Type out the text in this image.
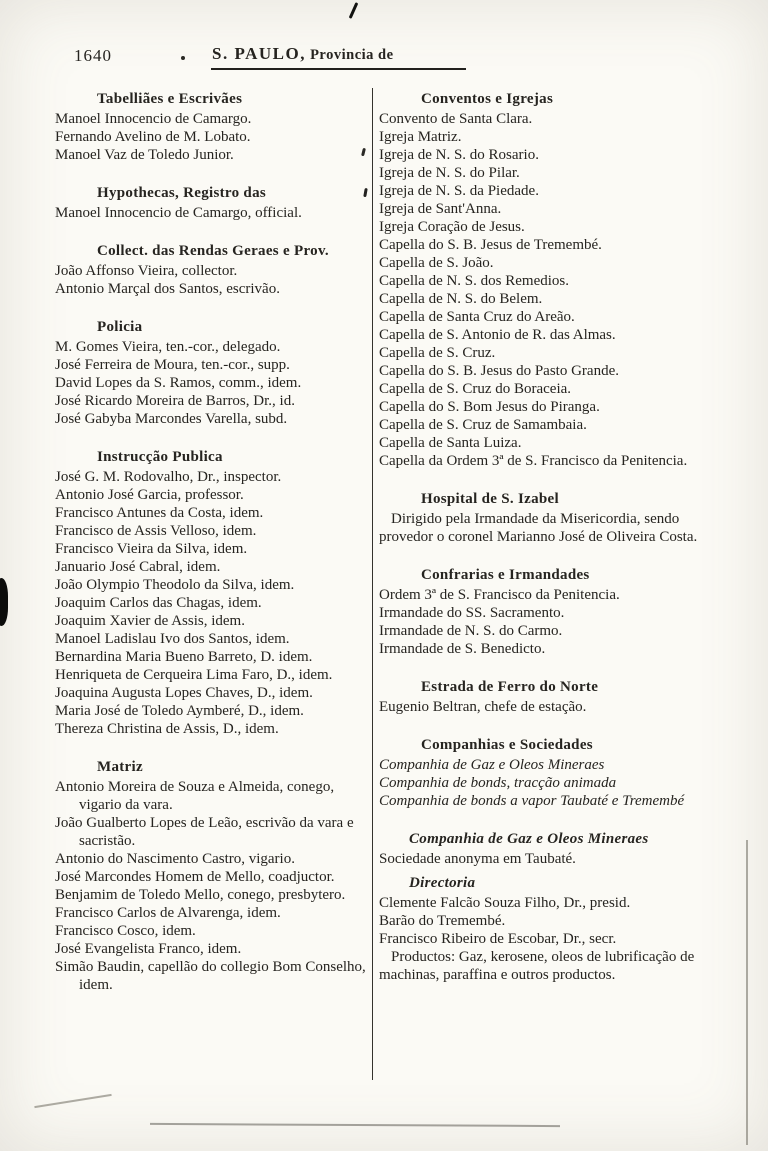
1640	S. PAULO, Provincia de
Tabelliães e Escrivães
Manoel Innocencio de Camargo.
Fernando Avelino de M. Lobato.
Manoel Vaz de Toledo Junior.
Hypothecas, Registro das
Manoel Innocencio de Camargo, official.
Collect. das Rendas Geraes e Prov.
João Affonso Vieira, collector.
Antonio Marçal dos Santos, escrivão.
Policia
M. Gomes Vieira, ten.-cor., delegado.
José Ferreira de Moura, ten.-cor., supp.
David Lopes da S. Ramos, comm., idem.
José Ricardo Moreira de Barros, Dr., id.
José Gabyba Marcondes Varella, subd.
Instrucção Publica
José G. M. Rodovalho, Dr., inspector.
Antonio José Garcia, professor.
Francisco Antunes da Costa, idem.
Francisco de Assis Velloso, idem.
Francisco Vieira da Silva, idem.
Januario José Cabral, idem.
João Olympio Theodolo da Silva, idem.
Joaquim Carlos das Chagas, idem.
Joaquim Xavier de Assis, idem.
Manoel Ladislau Ivo dos Santos, idem.
Bernardina Maria Bueno Barreto, D. idem.
Henriqueta de Cerqueira Lima Faro, D., idem.
Joaquina Augusta Lopes Chaves, D., idem.
Maria José de Toledo Aymberé, D., idem.
Thereza Christina de Assis, D., idem.
Matriz
Antonio Moreira de Souza e Almeida, conego, vigario da vara.
João Gualberto Lopes de Leão, escrivão da vara e sacristão.
Antonio do Nascimento Castro, vigario.
José Marcondes Homem de Mello, coadjuctor.
Benjamim de Toledo Mello, conego, presbytero.
Francisco Carlos de Alvarenga, idem.
Francisco Cosco, idem.
José Evangelista Franco, idem.
Simão Baudin, capellão do collegio Bom Conselho, idem.
Conventos e Igrejas
Convento de Santa Clara.
Igreja Matriz.
Igreja de N. S. do Rosario.
Igreja de N. S. do Pilar.
Igreja de N. S. da Piedade.
Igreja de Sant'Anna.
Igreja Coração de Jesus.
Capella do S. B. Jesus de Tremembé.
Capella de S. João.
Capella de N. S. dos Remedios.
Capella de N. S. do Belem.
Capella de Santa Cruz do Areão.
Capella de S. Antonio de R. das Almas.
Capella de S. Cruz.
Capella do S. B. Jesus do Pasto Grande.
Capella de S. Cruz do Boraceia.
Capella do S. Bom Jesus do Piranga.
Capella de S. Cruz de Samambaia.
Capella de Santa Luiza.
Capella da Ordem 3ª de S. Francisco da Penitencia.
Hospital de S. Izabel
Dirigido pela Irmandade da Misericordia, sendo provedor o coronel Marianno José de Oliveira Costa.
Confrarias e Irmandades
Ordem 3ª de S. Francisco da Penitencia.
Irmandade do SS. Sacramento.
Irmandade de N. S. do Carmo.
Irmandade de S. Benedicto.
Estrada de Ferro do Norte
Eugenio Beltran, chefe de estação.
Companhias e Sociedades
Companhia de Gaz e Oleos Mineraes
Companhia de bonds, tracção animada
Companhia de bonds a vapor Taubaté e Tremembé
Companhia de Gaz e Oleos Mineraes
Sociedade anonyma em Taubaté.
Directoria
Clemente Falcão Souza Filho, Dr., presid.
Barão do Tremembé.
Francisco Ribeiro de Escobar, Dr., secr.
Productos: Gaz, kerosene, oleos de lubrificação de machinas, paraffina e outros productos.
